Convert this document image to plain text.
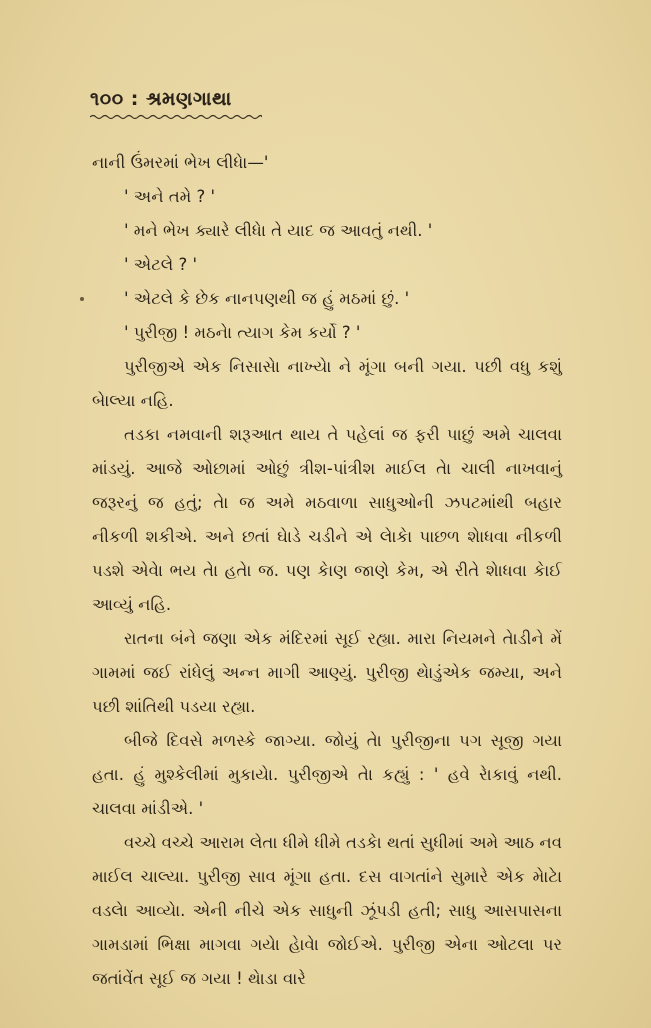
૧૦૦ : શ્રમણગાથા

નાની ઉંમરમાં ભેખ લીધેા—'

' અને તમે ? '

' મને ભેખ ક્યારે લીધેા તે યાદ જ આવતું નથી. '

' એટલે ? '

' એટલે કે છેક નાનપણથી જ હું મઠમાં છું. '

' પુરીજી ! મઠનેા ત્યાગ કેમ કર્યો ? '

પુરીજીએ એક નિસાસેા નાખ્યેા ને મૂંગા બની ગયા. પછી વધુ કશું બેાલ્યા નહિ.

તડકા નમવાની શરૂઆત થાય તે પહેલાં જ ફરી પાછું અમે ચાલવા માંડયું. આજે ઓછામાં ઓછું ત્રીશ-પાંત્રીશ માઈલ તેા ચાલી નાખવાનું જરૂરનું જ હતું; તેા જ અમે મઠવાળા સાધુઓની ઝપટમાંથી બહાર નીકળી શકીએ. અને છતાં ઘેાડે ચડીને એ લેાકેા પાછળ શેાધવા નીકળી પડશે એવેા ભય તેા હતેા જ. પણ કેાણ જાણે કેમ, એ રીતે શેાધવા કેાઈ આવ્યું નહિ.

રાતના બંને જણા એક મંદિરમાં સૂઈ રહ્યા. મારા નિયમને તેાડીને મેં ગામમાં જઈ રાંધેલું અન્ન માગી આણ્યું. પુરીજી થેાડુંએક જમ્યા, અને પછી શાંતિથી પડયા રહ્યા.

બીજે દિવસે મળસ્કે જાગ્યા. જોયું તેા પુરીજીના પગ સૂજી ગયા હતા. હું મુશ્કેલીમાં મુકાયેા. પુરીજીએ તેા કહ્યું : ' હવે રેાકાવું નથી. ચાલવા માંડીએ. '

વચ્ચે વચ્ચે આરામ લેતા ધીમે ધીમે તડકેા થતાં સુધીમાં અમે આઠ નવ માઈલ ચાલ્યા. પુરીજી સાવ મૂંગા હતા. દસ વાગતાંને સુમારે એક મેાટેા વડલેા આવ્યેા. એની નીચે એક સાધુની ઝૂંપડી હતી; સાધુ આસપાસના ગામડામાં ભિક્ષા માગવા ગયેા હેાવેા જોઈએ. પુરીજી એના ઓટલા પર જતાંવેંત સૂઈ જ ગયા ! થેાડા વારે
